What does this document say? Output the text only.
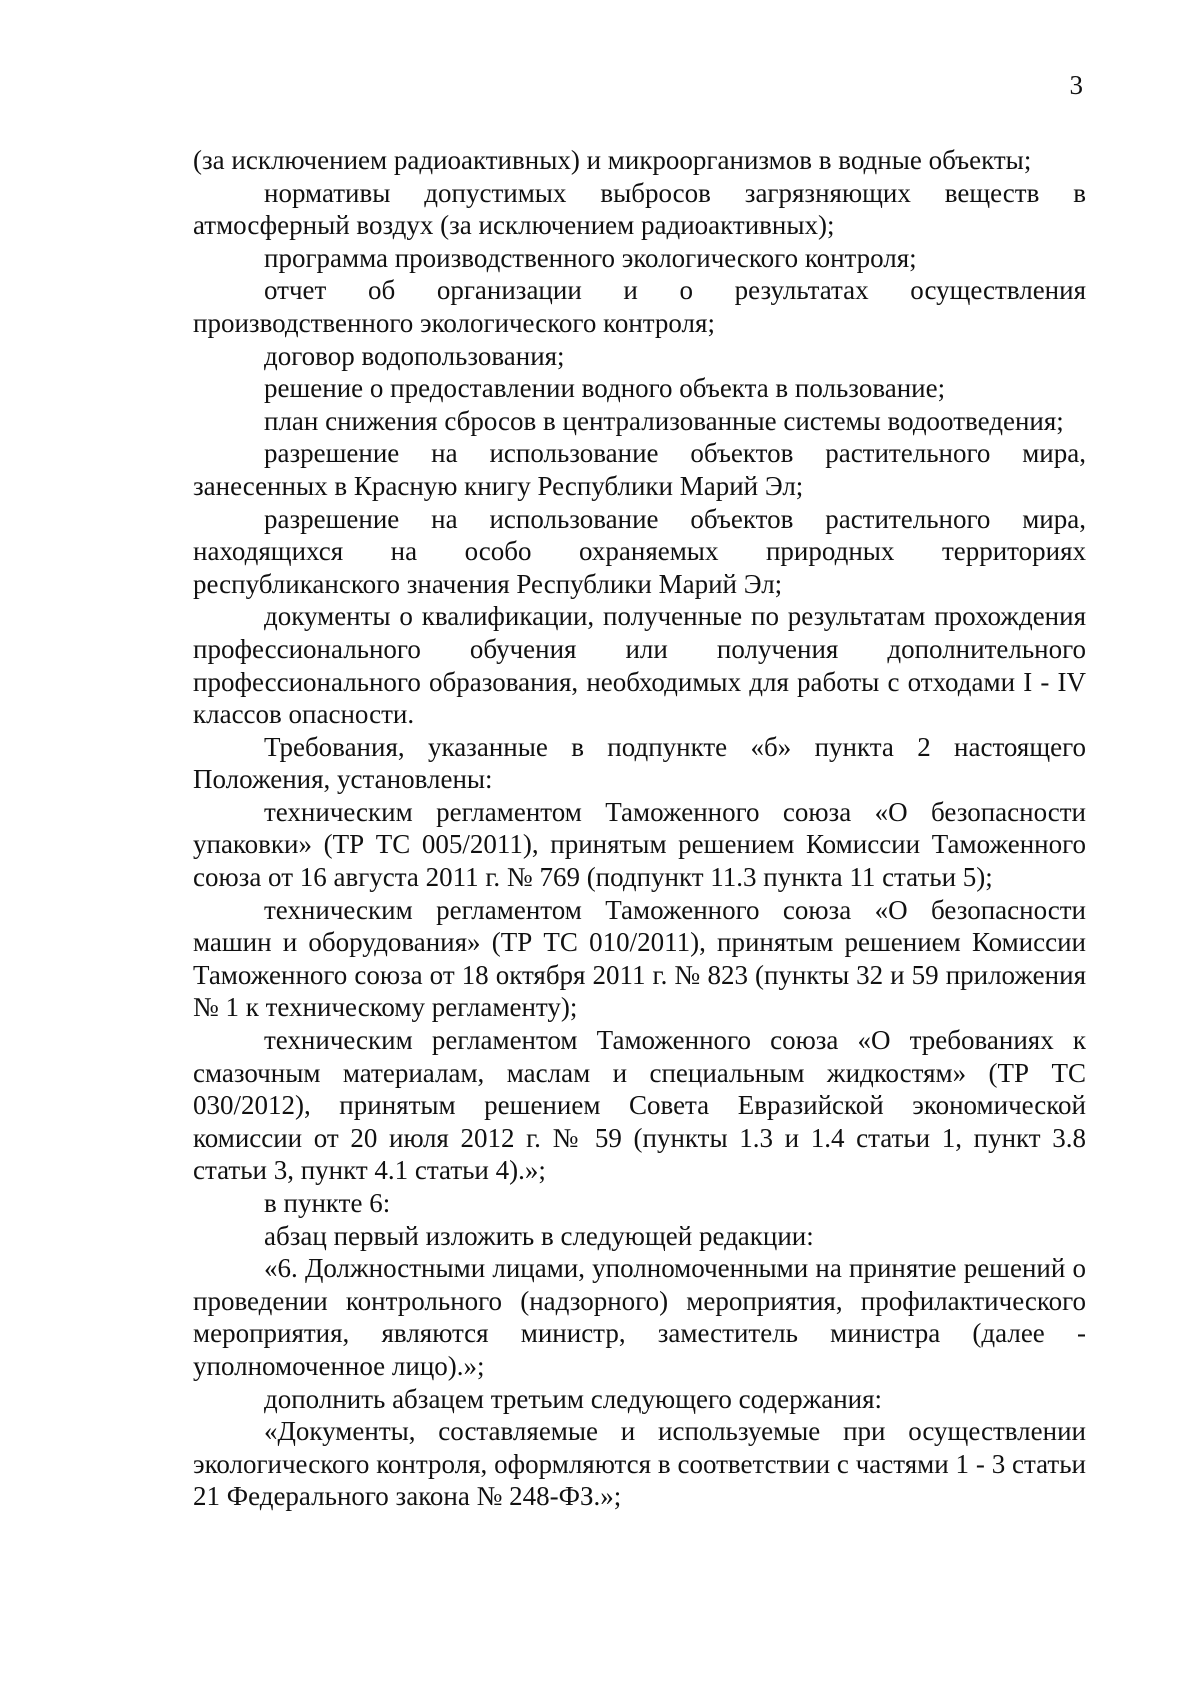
3

(за исключением радиоактивных) и микроорганизмов в водные объекты;

нормативы допустимых выбросов загрязняющих веществ в атмосферный воздух (за исключением радиоактивных);

программа производственного экологического контроля;

отчет об организации и о результатах осуществления производственного экологического контроля;

договор водопользования;

решение о предоставлении водного объекта в пользование;

план снижения сбросов в централизованные системы водоотведения;

разрешение на использование объектов растительного мира, занесенных в Красную книгу Республики Марий Эл;

разрешение на использование объектов растительного мира, находящихся на особо охраняемых природных территориях республиканского значения Республики Марий Эл;

документы о квалификации, полученные по результатам прохождения профессионального обучения или получения дополнительного профессионального образования, необходимых для работы с отходами I - IV классов опасности.

Требования, указанные в подпункте «б» пункта 2 настоящего Положения, установлены:

техническим регламентом Таможенного союза «О безопасности упаковки» (ТР ТС 005/2011), принятым решением Комиссии Таможенного союза от 16 августа 2011 г. № 769 (подпункт 11.3 пункта 11 статьи 5);

техническим регламентом Таможенного союза «О безопасности машин и оборудования» (ТР ТС 010/2011), принятым решением Комиссии Таможенного союза от 18 октября 2011 г. № 823 (пункты 32 и 59 приложения № 1 к техническому регламенту);

техническим регламентом Таможенного союза «О требованиях к смазочным материалам, маслам и специальным жидкостям» (ТР ТС 030/2012), принятым решением Совета Евразийской экономической комиссии от 20 июля 2012 г. № 59 (пункты 1.3 и 1.4 статьи 1, пункт 3.8 статьи 3, пункт 4.1 статьи 4).»;

в пункте 6:

абзац первый изложить в следующей редакции:

«6. Должностными лицами, уполномоченными на принятие решений о проведении контрольного (надзорного) мероприятия, профилактического мероприятия, являются министр, заместитель министра (далее - уполномоченное лицо).»;

дополнить абзацем третьим следующего содержания:

«Документы, составляемые и используемые при осуществлении экологического контроля, оформляются в соответствии с частями 1 - 3 статьи 21 Федерального закона № 248-ФЗ.»;
